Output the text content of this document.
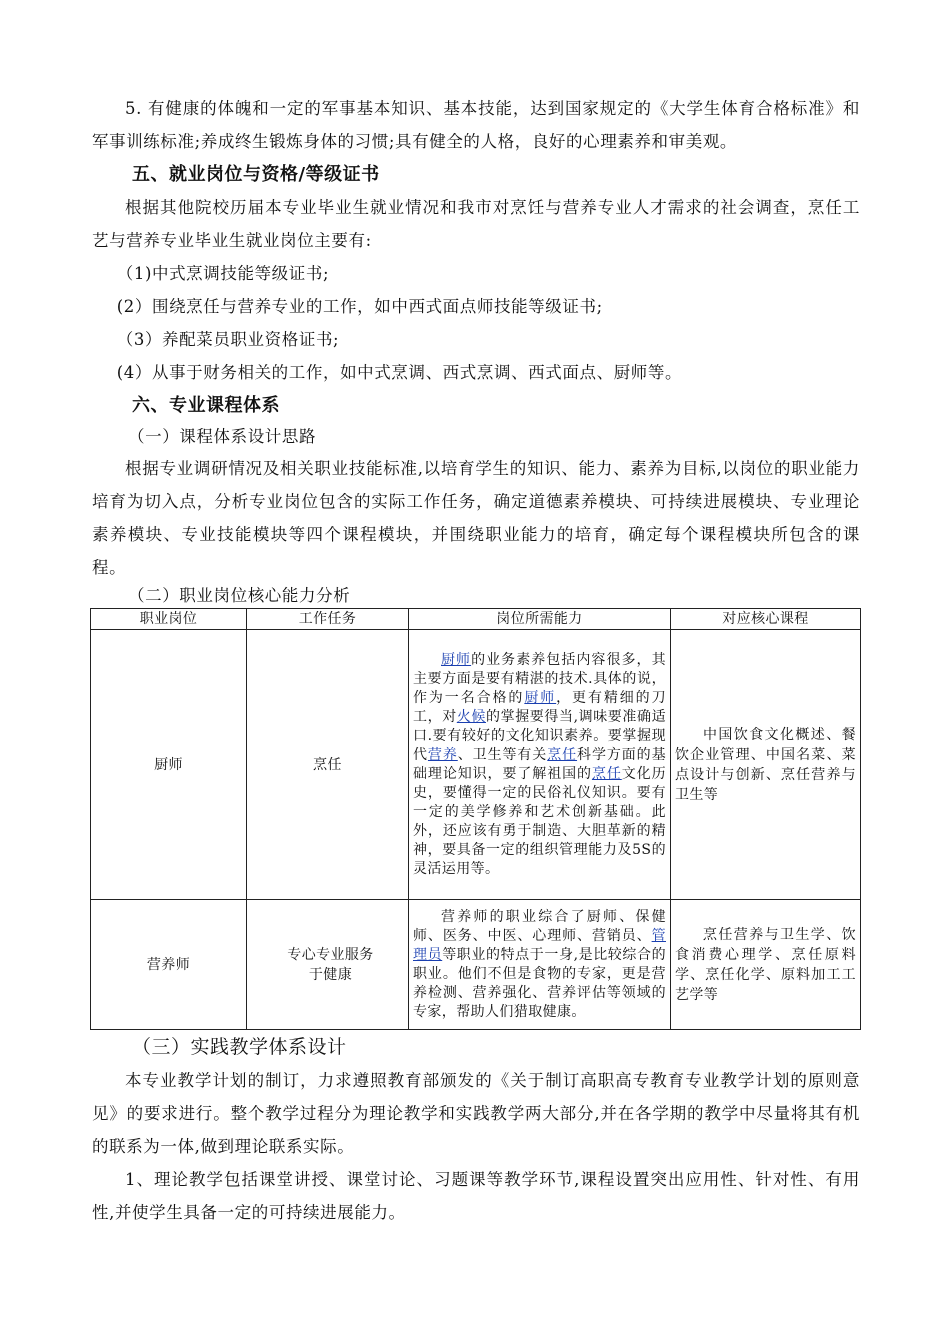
5. 有健康的体魄和一定的军事基本知识、基本技能，达到国家规定的《大学生体育合格标准》和军事训练标准;养成终生锻炼身体的习惯;具有健全的人格，良好的心理素养和审美观。

五、就业岗位与资格/等级证书

根据其他院校历届本专业毕业生就业情况和我市对烹饪与营养专业人才需求的社会调查，烹任工艺与营养专业毕业生就业岗位主要有:

（1)中式烹调技能等级证书;

(2）围绕烹任与营养专业的工作，如中西式面点师技能等级证书;

（3）养配菜员职业资格证书;

(4）从事于财务相关的工作，如中式烹调、西式烹调、西式面点、厨师等。

六、专业课程体系

（一）课程体系设计思路

根据专业调研情况及相关职业技能标准,以培育学生的知识、能力、素养为目标,以岗位的职业能力培育为切入点，分析专业岗位包含的实际工作任务，确定道德素养模块、可持续进展模块、专业理论素养模块、专业技能模块等四个课程模块，并围绕职业能力的培育，确定每个课程模块所包含的课程。

（二）职业岗位核心能力分析

职业岗位	工作任务	岗位所需能力	对应核心课程
厨师	烹任	厨师的业务素养包括内容很多，其主要方面是要有精湛的技术.具体的说，作为一名合格的厨师，更有精细的刀工，对火候的掌握要得当,调味要准确适口.要有较好的文化知识素养。要掌握现代营养、卫生等有关烹任科学方面的基础理论知识，要了解祖国的烹任文化历史，要懂得一定的民俗礼仪知识。要有一定的美学修养和艺术创新基础。此外，还应该有勇于制造、大胆革新的精神，要具备一定的组织管理能力及5S的灵活运用等。	中国饮食文化概述、餐饮企业管理、中国名菜、菜点设计与创新、烹任营养与卫生等
营养师	专心专业服务于健康	营养师的职业综合了厨师、保健师、医务、中医、心理师、营销员、管理员等职业的特点于一身,是比较综合的职业。他们不但是食物的专家，更是营养检测、营养强化、营养评估等领域的专家，帮助人们猎取健康。	烹任营养与卫生学、饮食消费心理学、烹任原料学、烹任化学、原料加工工艺学等

（三）实践教学体系设计

本专业教学计划的制订，力求遵照教育部颁发的《关于制订高职高专教育专业教学计划的原则意见》的要求进行。整个教学过程分为理论教学和实践教学两大部分,并在各学期的教学中尽量将其有机的联系为一体,做到理论联系实际。

1、理论教学包括课堂讲授、课堂讨论、习题课等教学环节,课程设置突出应用性、针对性、有用性,并使学生具备一定的可持续进展能力。
